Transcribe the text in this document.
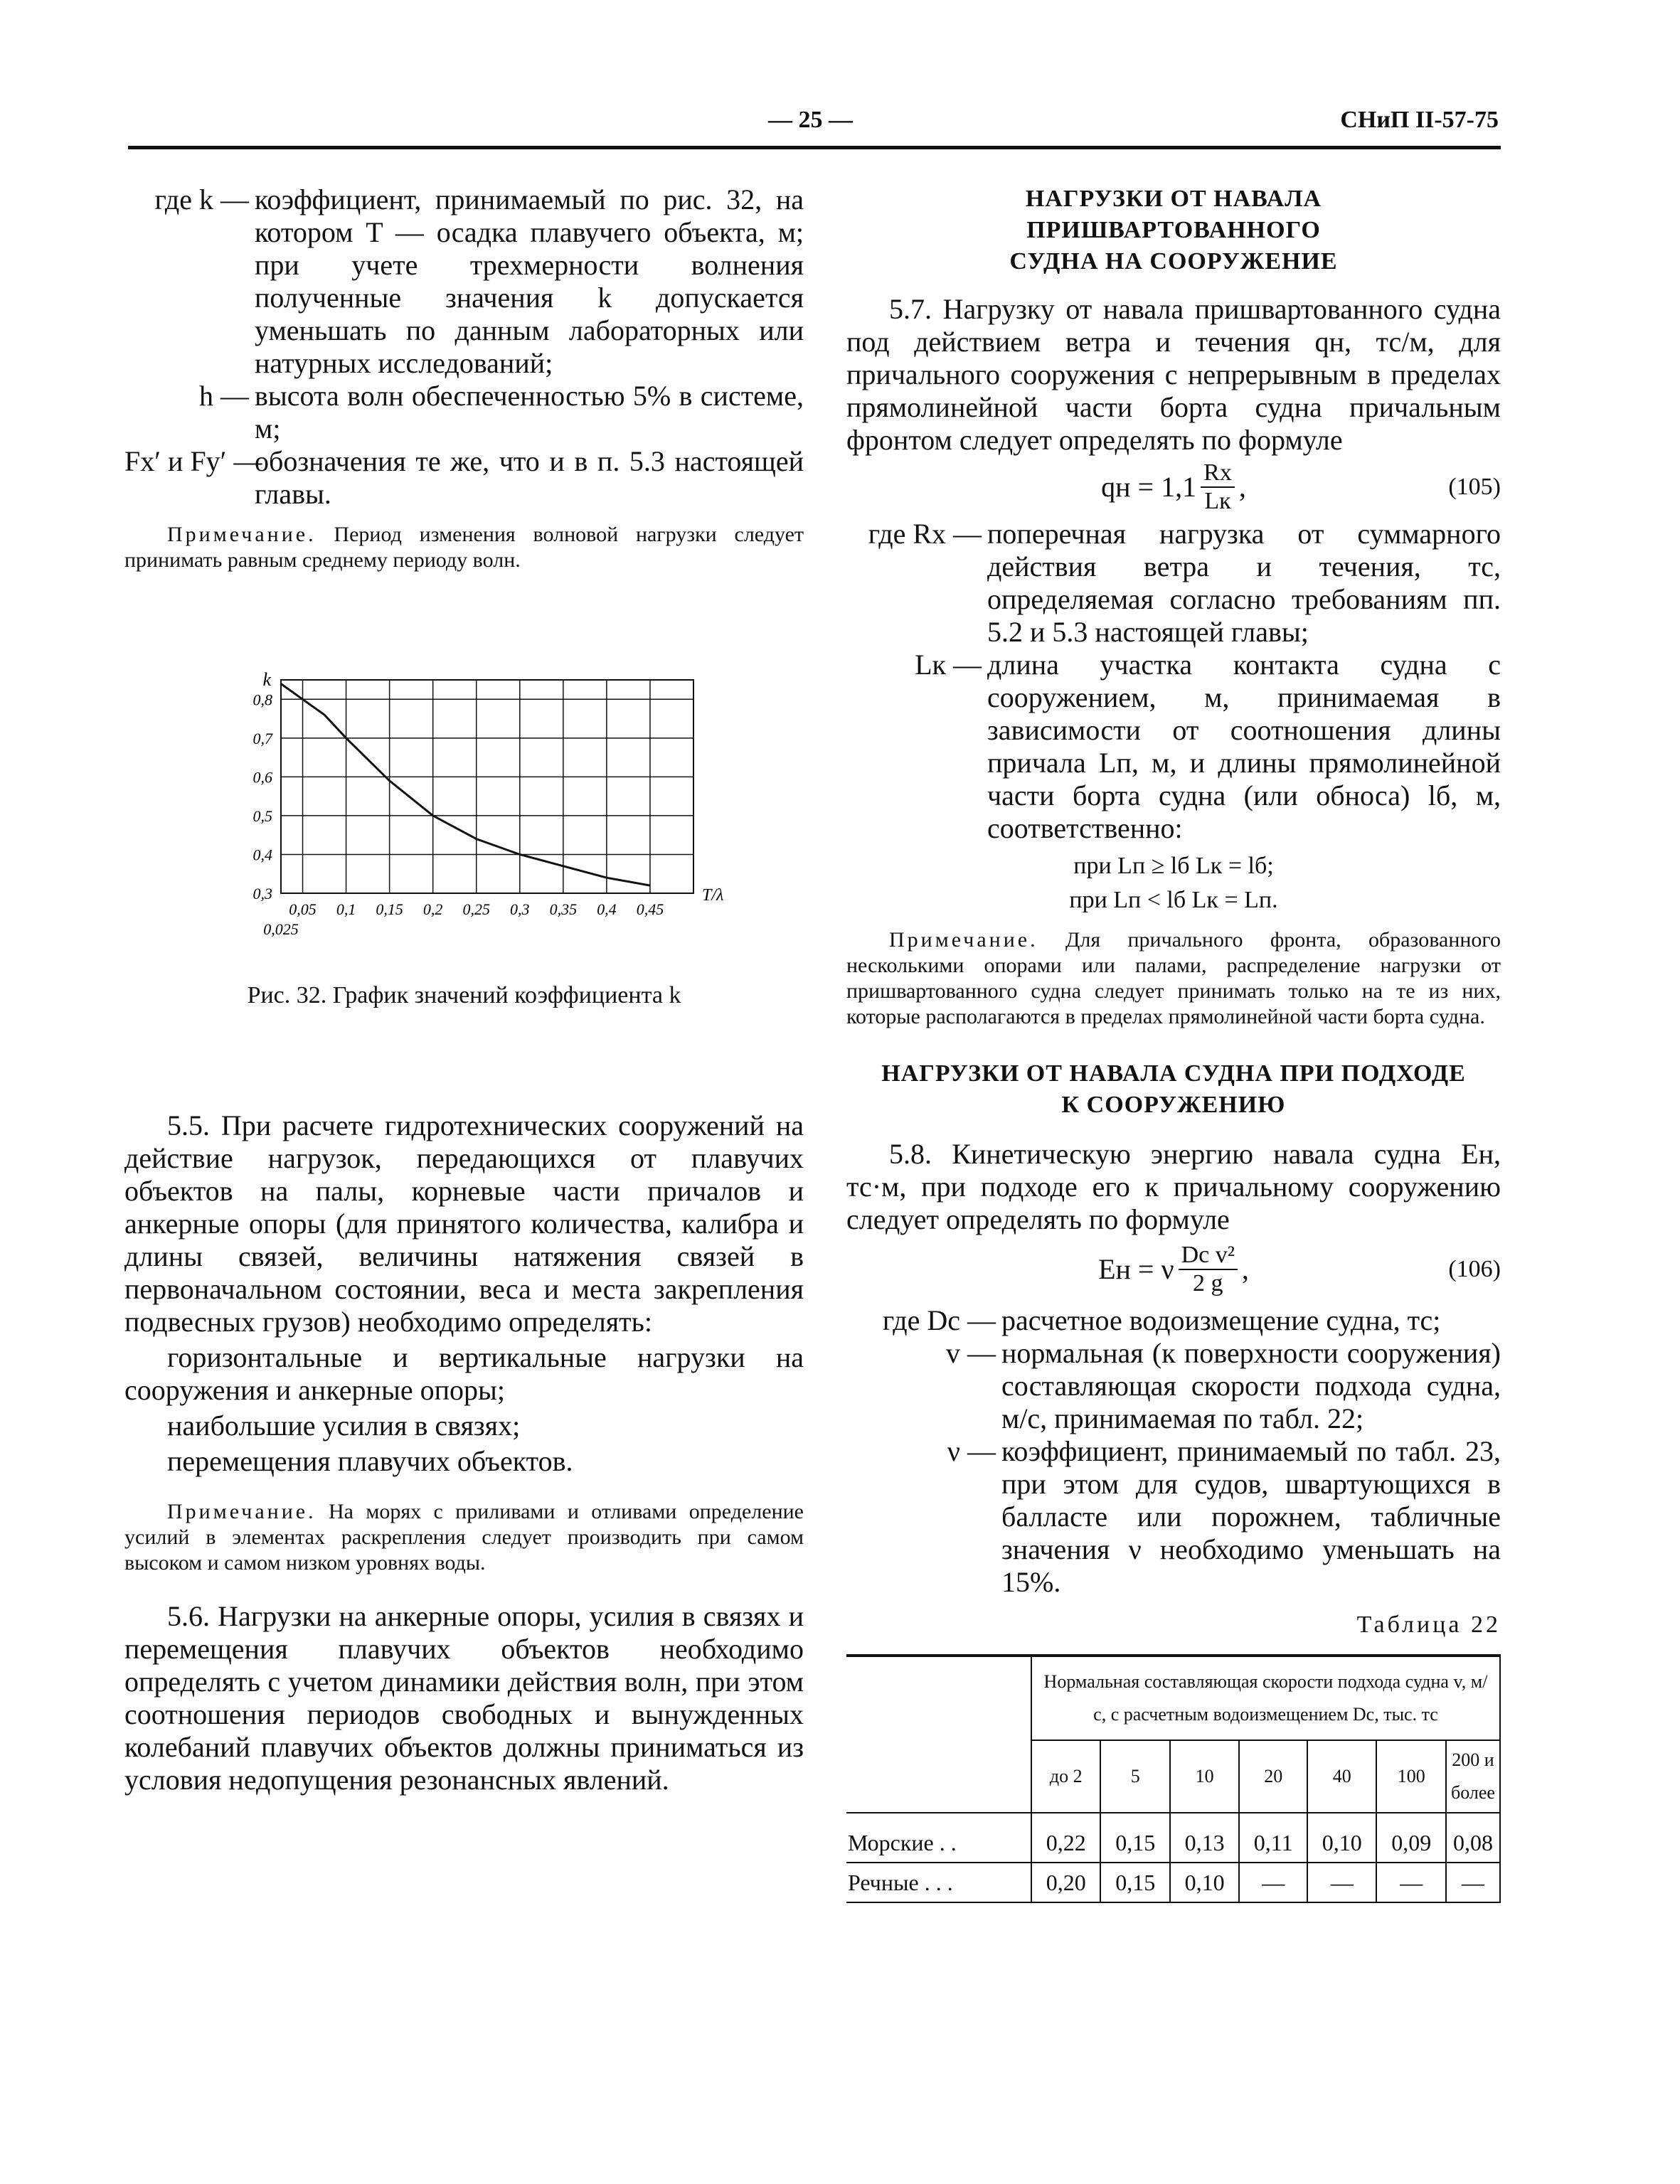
— 25 —	СНиП II-57-75
где k — коэффициент, принимаемый по рис. 32, на котором T — осадка плавучего объекта, м; при учете трехмерности волнения полученные значения k допускается уменьшать по данным лабораторных или натурных исследований;
h — высота волн обеспеченностью 5% в системе, м;
Fx′ и Fy′ —
обозначения те же, что и в п. 5.3 настоящей главы.

Примечание. Период изменения волновой нагрузки следует принимать равным среднему периоду волн.

0,05 0,1 0,15 0,2 0,25 0,3 0,35 0,4 0,45
0,025
0,3
0,4
0,5
0,6
0,7
0,8
k
T/λ
Рис. 32. График значений коэффициента k

5.5. При расчете гидротехнических сооружений на действие нагрузок, передающихся от плавучих объектов на палы, корневые части причалов и анкерные опоры (для принятого количества, калибра и длины связей, величины натяжения связей в первоначальном состоянии, веса и места закрепления подвесных грузов) необходимо определять:

горизонтальные и вертикальные нагрузки на сооружения и анкерные опоры;

наибольшие усилия в связях;

перемещения плавучих объектов.

Примечание. На морях с приливами и отливами определение усилий в элементах раскрепления следует производить при самом высоком и самом низком уровнях воды.

5.6. Нагрузки на анкерные опоры, усилия в связях и перемещения плавучих объектов необходимо определять с учетом динамики действия волн, при этом соотношения периодов свободных и вынужденных колебаний плавучих объектов должны приниматься из условия недопущения резонансных явлений.

НАГРУЗКИ ОТ НАВАЛА ПРИШВАРТОВАННОГО СУДНА НА СООРУЖЕНИЕ

5.7. Нагрузку от навала пришвартованного судна под действием ветра и течения qн, тс/м, для причального сооружения с непрерывным в пределах прямолинейной части борта судна причальным фронтом следует определять по формуле

qн = $1,1 \frac{Rx}{Lк}$ ,	(105)
где Rx — поперечная нагрузка от суммарного действия ветра и течения, тс, определяемая согласно требованиям пп. 5.2 и 5.3 настоящей главы;
Lк — длина участка контакта судна с сооружением, м, принимаемая в зависимости от соотношения длины причала Lп, м, и длины прямолинейной части борта судна (или обноса) lб, м, соответственно:
при Lп ≥ lб Lк = lб;
при Lп < lб Lк = Lп.

Примечание. Для причального фронта, образованного несколькими опорами или палами, распределение нагрузки от пришвартованного судна следует принимать только на те из них, которые располагаются в пределах прямолинейной части борта судна.

НАГРУЗКИ ОТ НАВАЛА СУДНА ПРИ ПОДХОДЕ К СООРУЖЕНИЮ

5.8. Кинетическую энергию навала судна Eн, тс·м, при подходе его к причальному сооружению следует определять по формуле

Eн = ν $\frac{\text{Dс v²}}{2 g}$ ,	(106)
где Dс — расчетное водоизмещение судна, тс;
v — нормальная (к поверхности сооружения) составляющая скорости подхода судна, м/с, принимаемая по табл. 22;
ν — коэффициент, принимаемый по табл. 23, при этом для судов, швартующихся в балласте или порожнем, табличные значения ν необходимо уменьшать на 15%.
Таблица 22
	Нормальная составляющая скорости подхода судна v, м/с, с расчетным водоизмещением Dс, тыс. тс						
	до 2	5	10	20	40	100	200 и более
Морские . .	0,22	0,15	0,13	0,11	0,10	0,09	0,08
Речные . . .	0,20	0,15	0,10	—	—	—	—
